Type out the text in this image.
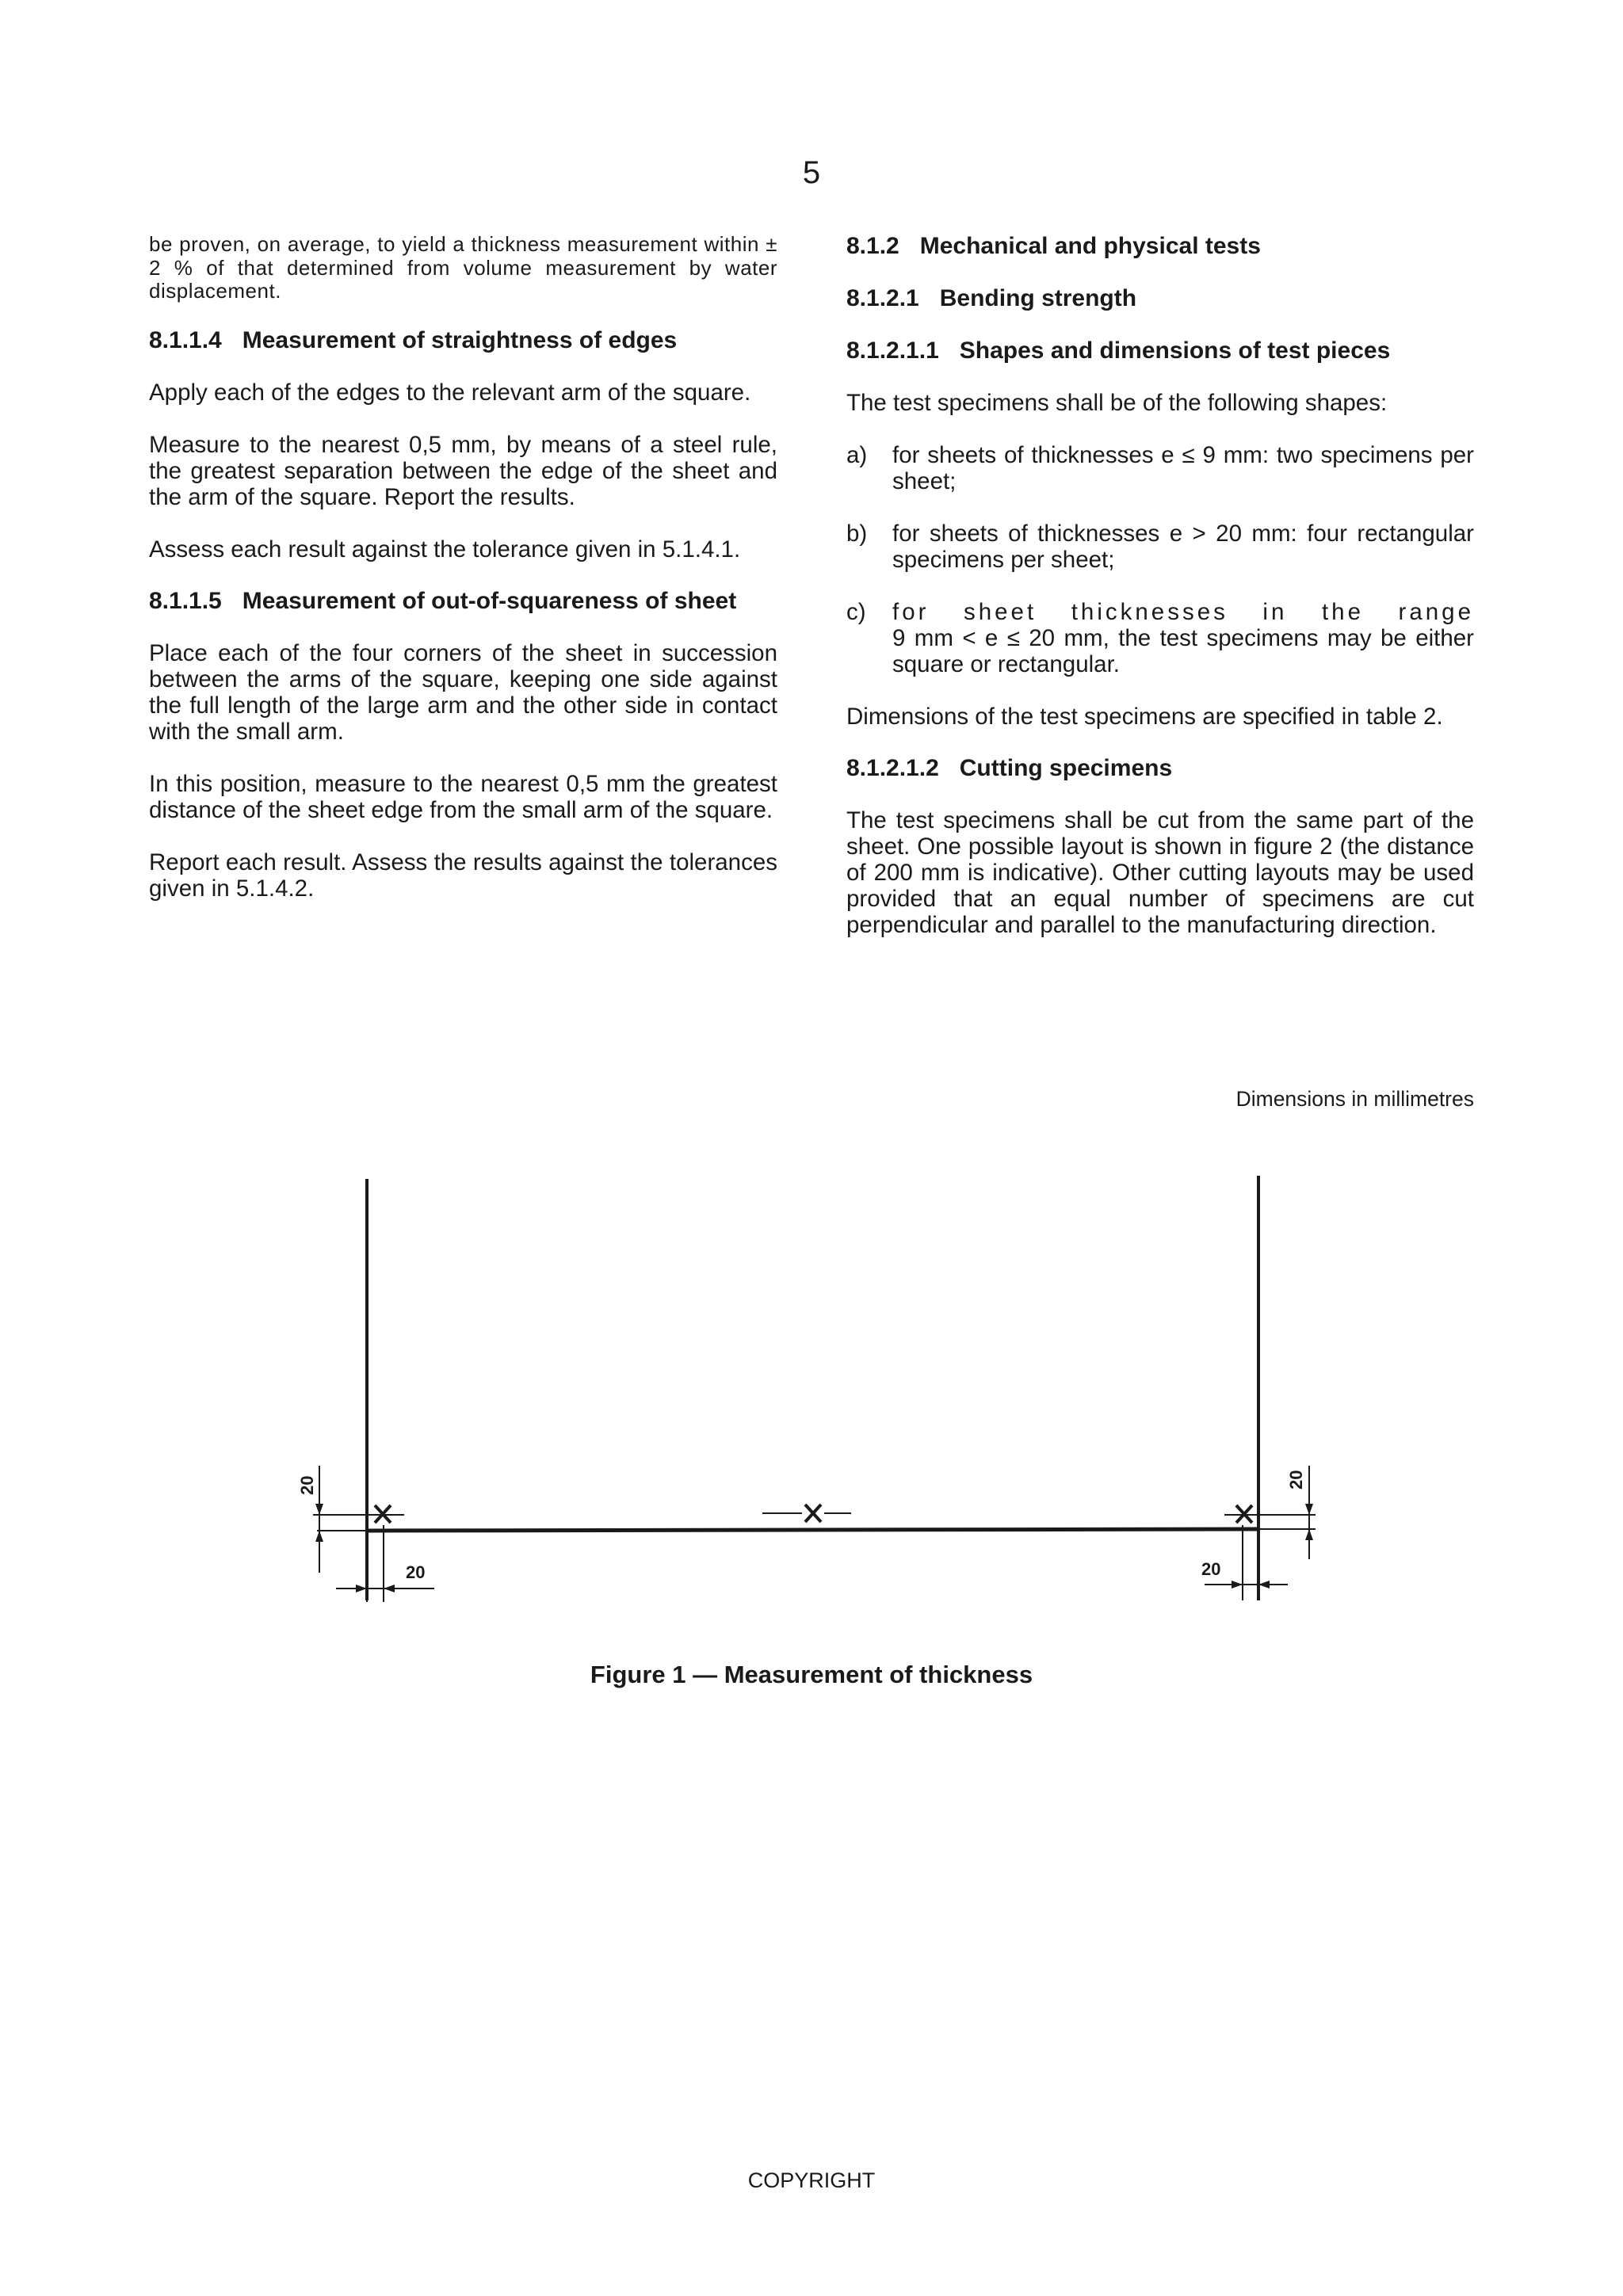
5

be proven, on average, to yield a thickness measurement within ± 2 % of that determined from volume measurement by water displacement.

8.1.1.4 Measurement of straightness of edges

Apply each of the edges to the relevant arm of the square.

Measure to the nearest 0,5 mm, by means of a steel rule, the greatest separation between the edge of the sheet and the arm of the square. Report the results.

Assess each result against the tolerance given in 5.1.4.1.

8.1.1.5 Measurement of out-of-squareness of sheet

Place each of the four corners of the sheet in succession between the arms of the square, keeping one side against the full length of the large arm and the other side in contact with the small arm.

In this position, measure to the nearest 0,5 mm the greatest distance of the sheet edge from the small arm of the square.

Report each result. Assess the results against the tolerances given in 5.1.4.2.

8.1.2 Mechanical and physical tests
8.1.2.1 Bending strength
8.1.2.1.1 Shapes and dimensions of test pieces

The test specimens shall be of the following shapes:

a)	for sheets of thicknesses e ≤ 9 mm: two specimens per sheet;

b)	for sheets of thicknesses e > 20 mm: four rectangular specimens per sheet;

c)	for sheet thicknesses in the range

9 mm < e ≤ 20 mm, the test specimens may be either square or rectangular.

Dimensions of the test specimens are specified in table 2.

8.1.2.1.2 Cutting specimens

The test specimens shall be cut from the same part of the sheet. One possible layout is shown in figure 2 (the distance of 200 mm is indicative). Other cutting layouts may be used provided that an equal number of specimens are cut perpendicular and parallel to the manufacturing direction.

Dimensions in millimetres
20
20
20
20
Figure 1 — Measurement of thickness
COPYRIGHT
